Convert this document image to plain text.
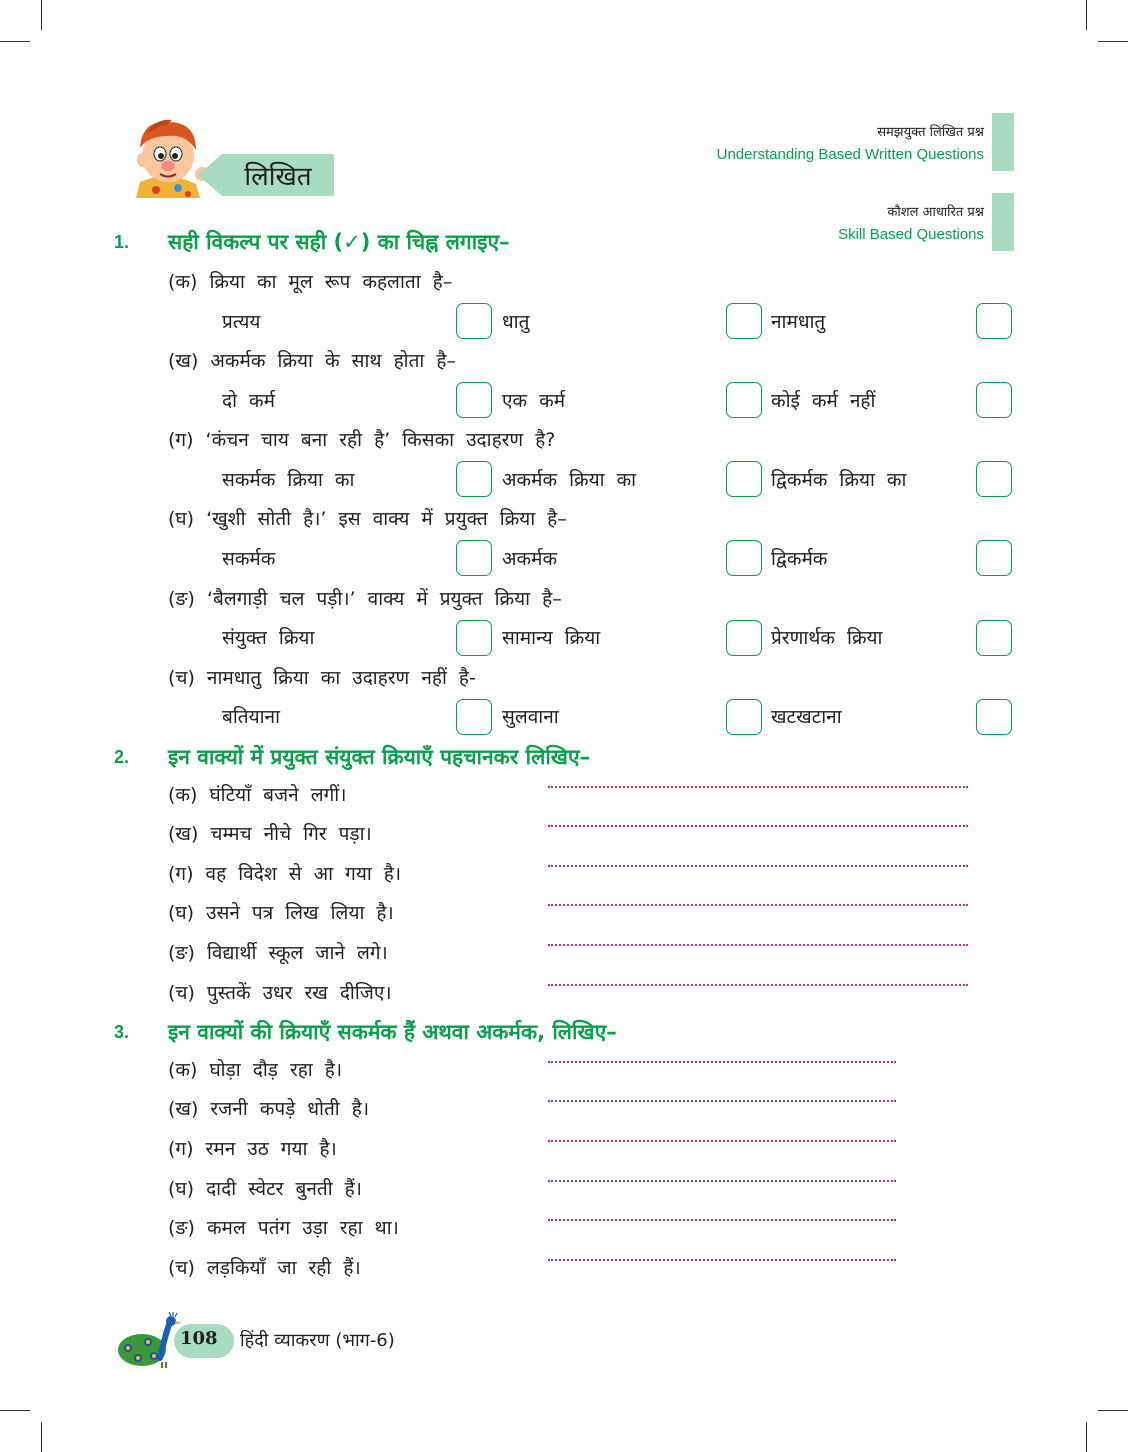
लिखित
समझयुक्त लिखित प्रश्न
Understanding Based Written Questions
कौशल आधारित प्रश्न
Skill Based Questions
1. सही विकल्प पर सही (✓) का चिह्न लगाइए–
(क) क्रिया का मूल रूप कहलाता है–
प्रत्यय	धातु	नामधातु
(ख) अकर्मक क्रिया के साथ होता है–
दो कर्म	एक कर्म	कोई कर्म नहीं
(ग) ‘कंचन चाय बना रही है’ किसका उदाहरण है?
सकर्मक क्रिया का	अकर्मक क्रिया का	द्विकर्मक क्रिया का
(घ) ‘खुशी सोती है।’ इस वाक्य में प्रयुक्त क्रिया है–
सकर्मक	अकर्मक	द्विकर्मक
(ङ) ‘बैलगाड़ी चल पड़ी।’ वाक्य में प्रयुक्त क्रिया है–
संयुक्त क्रिया	सामान्य क्रिया	प्रेरणार्थक क्रिया
(च) नामधातु क्रिया का उदाहरण नहीं है-
बतियाना	सुलवाना	खटखटाना
2. इन वाक्यों में प्रयुक्त संयुक्त क्रियाएँ पहचानकर लिखिए–
(क) घंटियाँ बजने लगीं।
(ख) चम्मच नीचे गिर पड़ा।
(ग) वह विदेश से आ गया है।
(घ) उसने पत्र लिख लिया है।
(ङ) विद्यार्थी स्कूल जाने लगे।
(च) पुस्तकें उधर रख दीजिए।
3. इन वाक्यों की क्रियाएँ सकर्मक हैं अथवा अकर्मक, लिखिए–
(क) घोड़ा दौड़ रहा है।
(ख) रजनी कपड़े धोती है।
(ग) रमन उठ गया है।
(घ) दादी स्वेटर बुनती हैं।
(ङ) कमल पतंग उड़ा रहा था।
(च) लड़कियाँ जा रही हैं।
108 हिंदी व्याकरण (भाग-6)
